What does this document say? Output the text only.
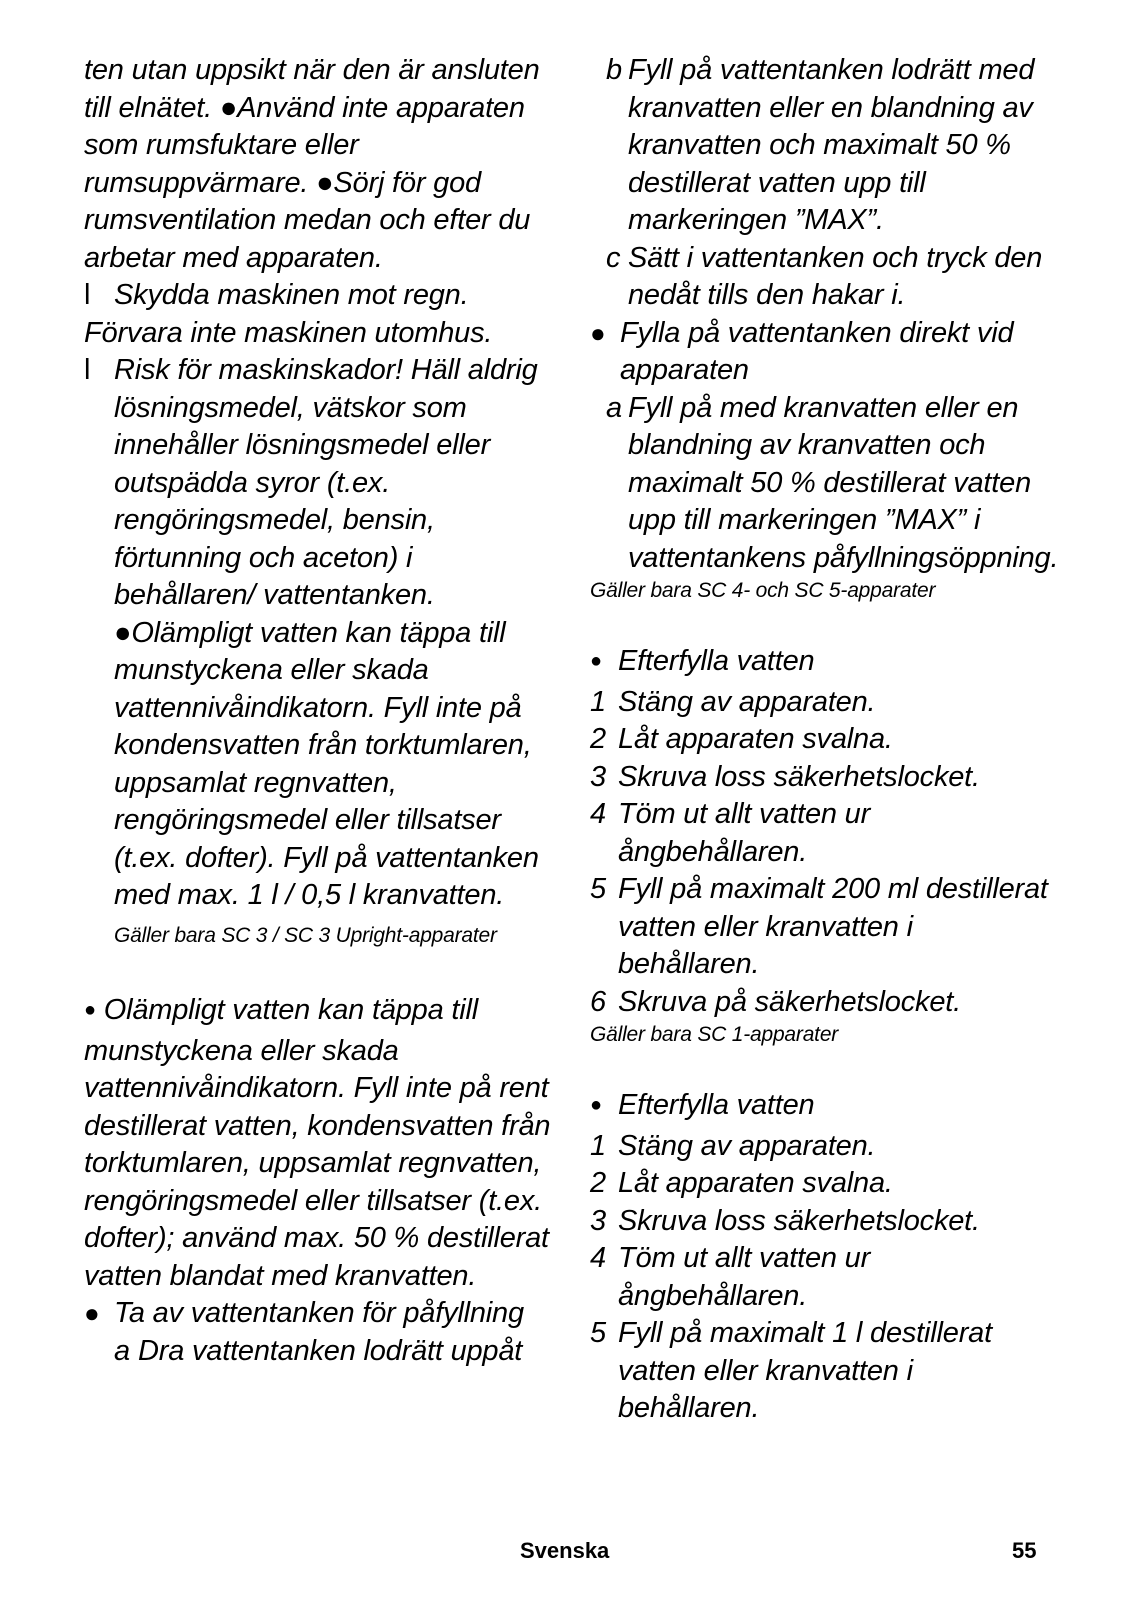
ten utan uppsikt när den är ansluten till elnätet. ●Använd inte apparaten som rumsfuktare eller rumsuppvärmare. ●Sörj för god rumsventilation medan och efter du arbetar med apparaten.

l Skydda maskinen mot regn.

Förvara inte maskinen utomhus.

l Risk för maskinskador! Häll aldrig lösningsmedel, vätskor som innehåller lösningsmedel eller outspädda syror (t.ex. rengöringsmedel, bensin, förtunning och aceton) i behållaren/ vattentanken. ●Olämpligt vatten kan täppa till munstyckena eller skada vattennivåindikatorn. Fyll inte på kondensvatten från torktumlaren, uppsamlat regnvatten, rengöringsmedel eller tillsatser (t.ex. dofter). Fyll på vattentanken med max. 1 l / 0,5 l kranvatten. Gäller bara SC 3 / SC 3 Upright-apparater

● Olämpligt vatten kan täppa till munstyckena eller skada vattennivåindikatorn. Fyll inte på rent destillerat vatten, kondensvatten från torktumlaren, uppsamlat regnvatten, rengöringsmedel eller tillsatser (t.ex. dofter); använd max. 50 % destillerat vatten blandat med kranvatten.

● Ta av vattentanken för påfyllning
a Dra vattentanken lodrätt uppåt
b Fyll på vattentanken lodrätt med kranvatten eller en blandning av kranvatten och maximalt 50 % destillerat vatten upp till markeringen ”MAX”.
c Sätt i vattentanken och tryck den nedåt tills den hakar i.
● Fylla på vattentanken direkt vid apparaten
a Fyll på med kranvatten eller en blandning av kranvatten och maximalt 50 % destillerat vatten upp till markeringen ”MAX” i vattentankens påfyllningsöppning.

Gäller bara SC 4- och SC 5-apparater

● Efterfylla vatten
1 Stäng av apparaten.
2 Låt apparaten svalna.
3 Skruva loss säkerhetslocket.
4 Töm ut allt vatten ur ångbehållaren.
5 Fyll på maximalt 200 ml destillerat vatten eller kranvatten i behållaren.
6 Skruva på säkerhetslocket.

Gäller bara SC 1-apparater

● Efterfylla vatten
1 Stäng av apparaten.
2 Låt apparaten svalna.
3 Skruva loss säkerhetslocket.
4 Töm ut allt vatten ur ångbehållaren.
5 Fyll på maximalt 1 l destillerat vatten eller kranvatten i behållaren.
Svenska	55
